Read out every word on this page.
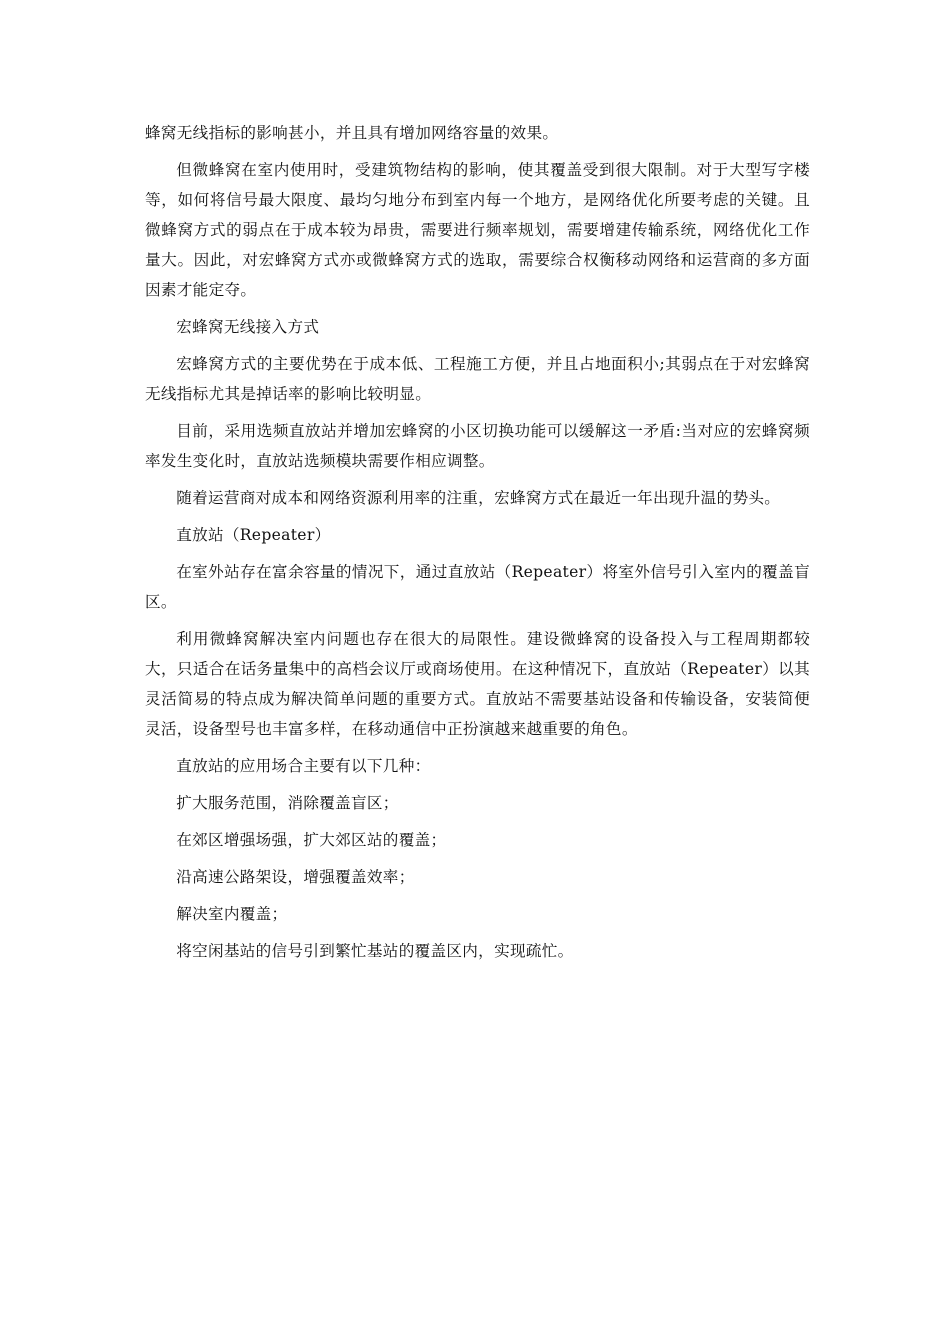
蜂窝无线指标的影响甚小，并且具有增加网络容量的效果。

但微蜂窝在室内使用时，受建筑物结构的影响，使其覆盖受到很大限制。对于大型写字楼等，如何将信号最大限度、最均匀地分布到室内每一个地方，是网络优化所要考虑的关键。且微蜂窝方式的弱点在于成本较为昂贵，需要进行频率规划，需要增建传输系统，网络优化工作量大。因此，对宏蜂窝方式亦或微蜂窝方式的选取，需要综合权衡移动网络和运营商的多方面因素才能定夺。

宏蜂窝无线接入方式

宏蜂窝方式的主要优势在于成本低、工程施工方便，并且占地面积小;其弱点在于对宏蜂窝无线指标尤其是掉话率的影响比较明显。

目前，采用选频直放站并增加宏蜂窝的小区切换功能可以缓解这一矛盾:当对应的宏蜂窝频率发生变化时，直放站选频模块需要作相应调整。

随着运营商对成本和网络资源利用率的注重，宏蜂窝方式在最近一年出现升温的势头。

直放站（Repeater）

在室外站存在富余容量的情况下，通过直放站（Repeater）将室外信号引入室内的覆盖盲区。

利用微蜂窝解决室内问题也存在很大的局限性。建设微蜂窝的设备投入与工程周期都较大，只适合在话务量集中的高档会议厅或商场使用。在这种情况下，直放站（Repeater）以其灵活简易的特点成为解决简单问题的重要方式。直放站不需要基站设备和传输设备，安装简便灵活，设备型号也丰富多样，在移动通信中正扮演越来越重要的角色。

直放站的应用场合主要有以下几种：

扩大服务范围，消除覆盖盲区；

在郊区增强场强，扩大郊区站的覆盖；

沿高速公路架设，增强覆盖效率；

解决室内覆盖；

将空闲基站的信号引到繁忙基站的覆盖区内，实现疏忙。
